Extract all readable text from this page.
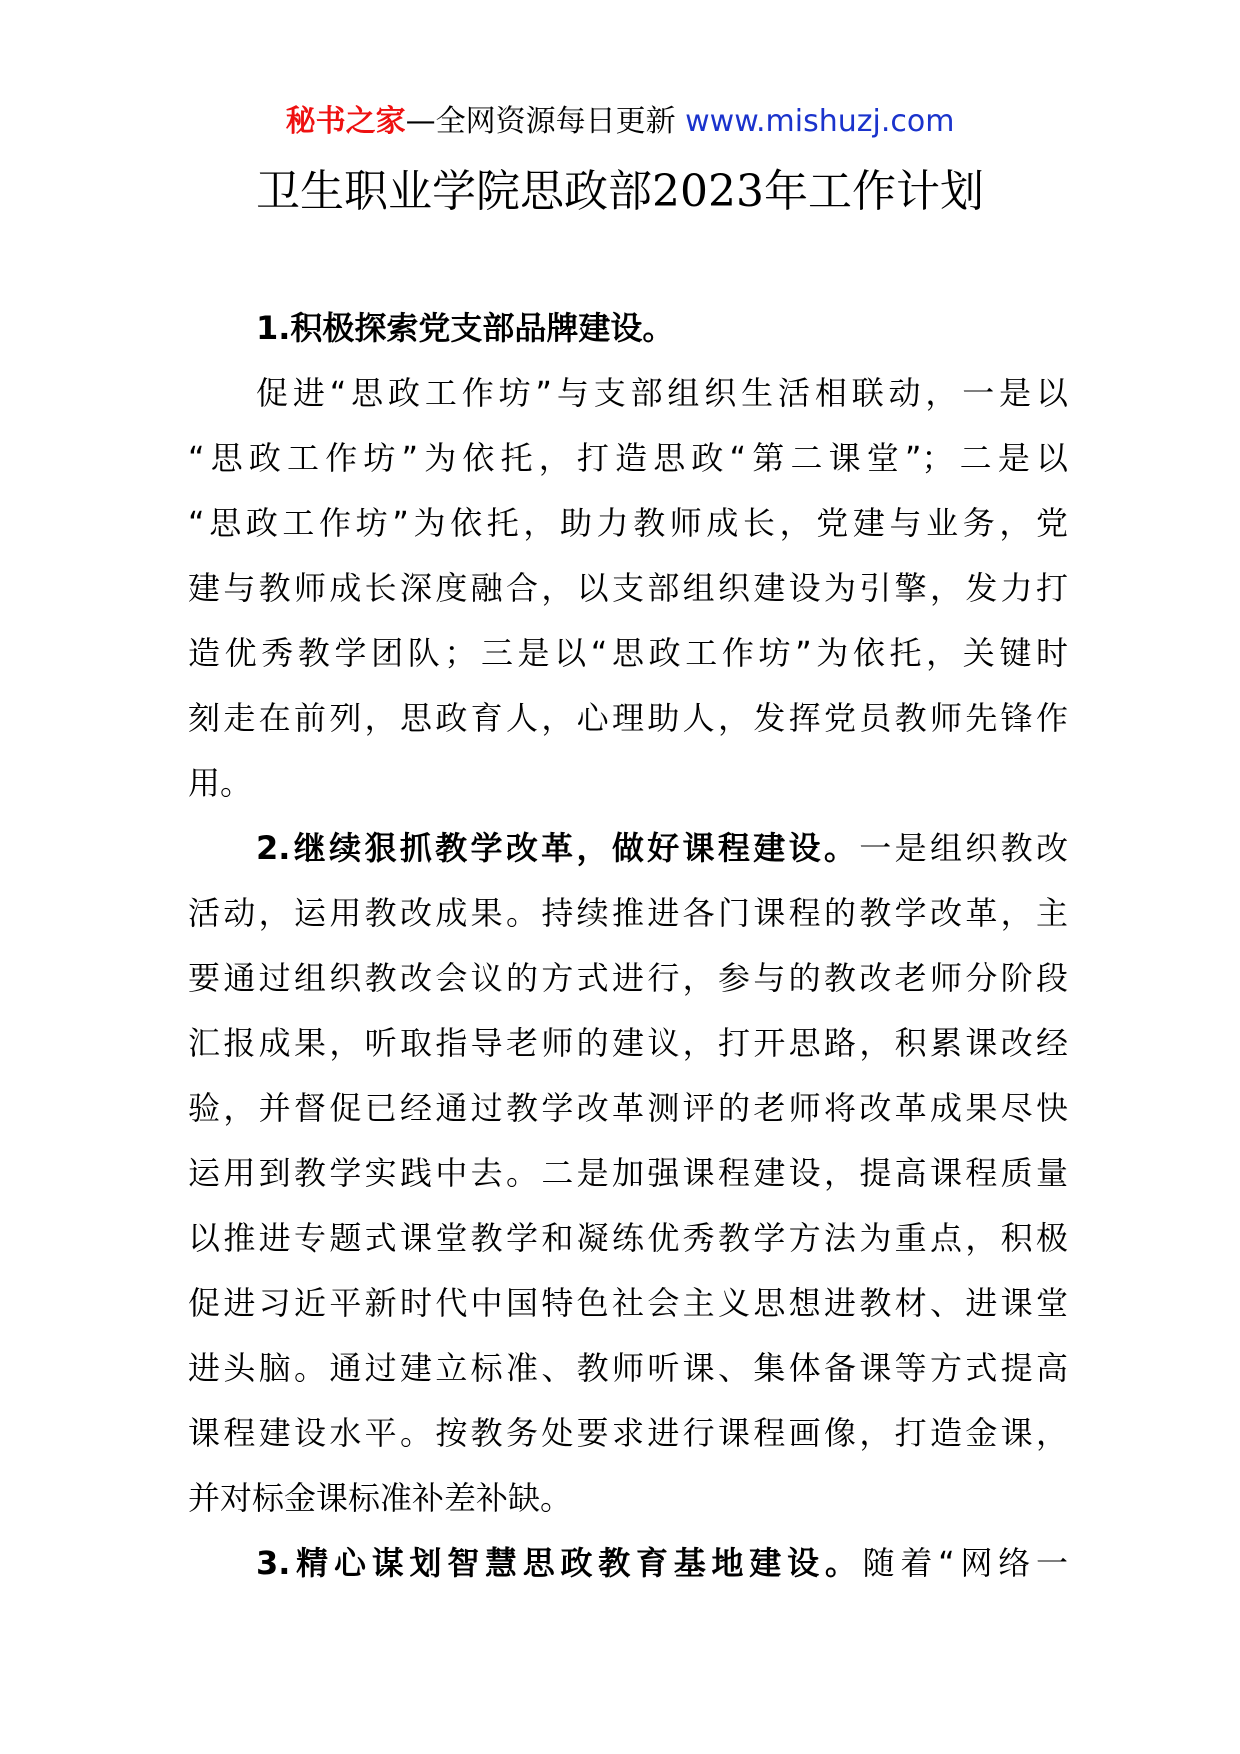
秘书之家—全网资源每日更新 www.mishuzj.com
卫生职业学院思政部2023年工作计划
1.积极探索党支部品牌建设。
促进“思政工作坊”与支部组织生活相联动，一是以
“思政工作坊”为依托，打造思政“第二课堂”；二是以
“思政工作坊”为依托，助力教师成长，党建与业务，党
建与教师成长深度融合，以支部组织建设为引擎，发力打
造优秀教学团队；三是以“思政工作坊”为依托，关键时
刻走在前列，思政育人，心理助人，发挥党员教师先锋作
用。
2.继续狠抓教学改革，做好课程建设。一是组织教改
活动，运用教改成果。持续推进各门课程的教学改革，主
要通过组织教改会议的方式进行，参与的教改老师分阶段
汇报成果，听取指导老师的建议，打开思路，积累课改经
验，并督促已经通过教学改革测评的老师将改革成果尽快
运用到教学实践中去。二是加强课程建设，提高课程质量
以推进专题式课堂教学和凝练优秀教学方法为重点，积极
促进习近平新时代中国特色社会主义思想进教材、进课堂
进头脑。通过建立标准、教师听课、集体备课等方式提高
课程建设水平。按教务处要求进行课程画像，打造金课，
并对标金课标准补差补缺。
3.精心谋划智慧思政教育基地建设。随着“网络一
